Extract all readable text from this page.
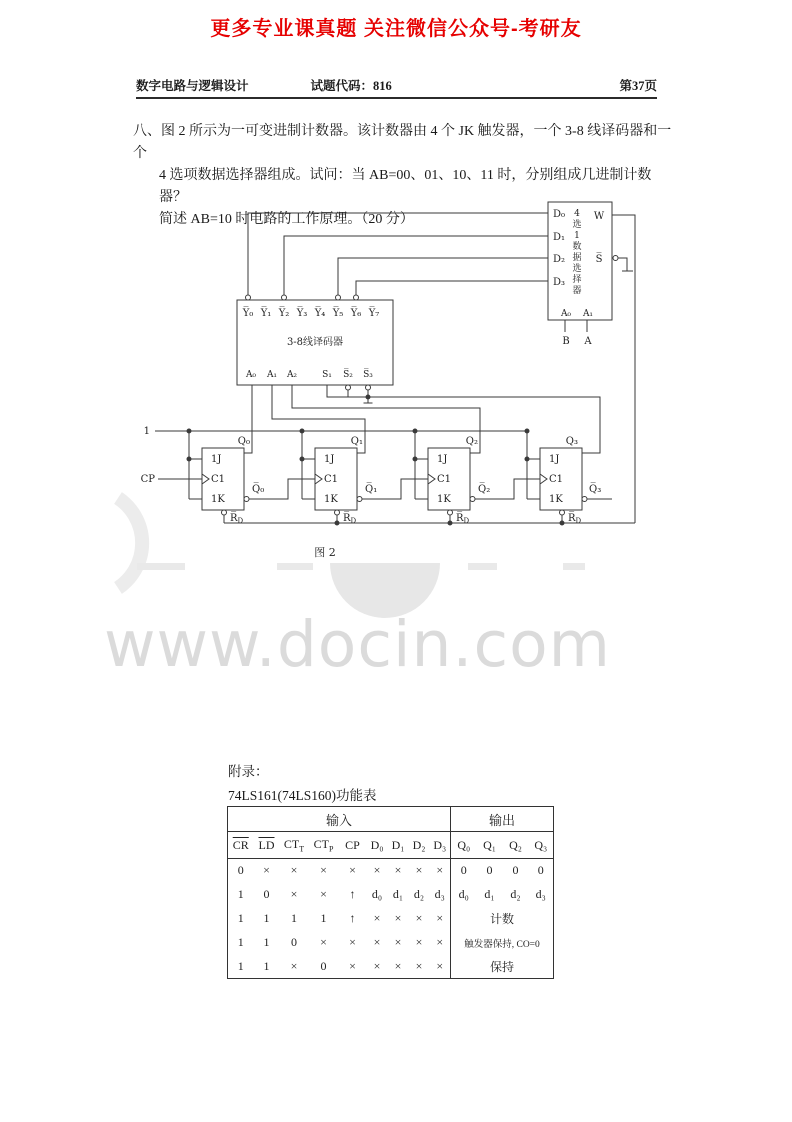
www.docin.com
更多专业课真题 关注微信公众号-考研友
数字电路与逻辑设计	试题代码：816	第37页
八、图 2 所示为一可变进制计数器。该计数器由 4 个 JK 触发器，一个 3-8 线译码器和一个
4 选项数据选择器组成。试问：当 AB=00、01、10、11 时，分别组成几进制计数器？
简述 AB=10 时电路的工作原理。（20 分）	D₀
D₁
D₂
D₃
W
S̅
4
选
1
数
据
选
择
器
A₀ A₁
B A
Y̅₀ Y̅₁ Y̅₂ Y̅₃ Y̅₄ Y̅₅ Y̅₆ Y̅₇
3-8线译码器
A₀ A₁ A₂	S₁ S̅₂ S̅₃
1
CP
1J
C1
1K
1J
C1
1K
1J
C1
1K
1J
C1
1K
$R̅_D$	$R̅_D$	$R̅_D$	$R̅_D$
Q₀	Q₁	Q₂	Q₃
Q̅₀	Q̅₁	Q̅₂	Q̅₃
图 2
附录：
74LS161(74LS160)功能表
输入									输出			
$\overline{CR}$	$\overline{LD}$	$CT_T$	$CT_P$	CP	D₀	D₁	D₂	D₃	Q₀	Q₁	Q₂	Q₃
0	×	×	×	×	×	×	×	×	0	0	0	0
1	0	×	×	↑	d₀	d₁	d₂	d₃	d₀	d₁	d₂	d₃
1	1	1	1	↑	×	×	×	×	计数			
1	1	0	×	×	×	×	×	×	触发器保持, CO=0			
1	1	×	0	×	×	×	×	×	保持			
